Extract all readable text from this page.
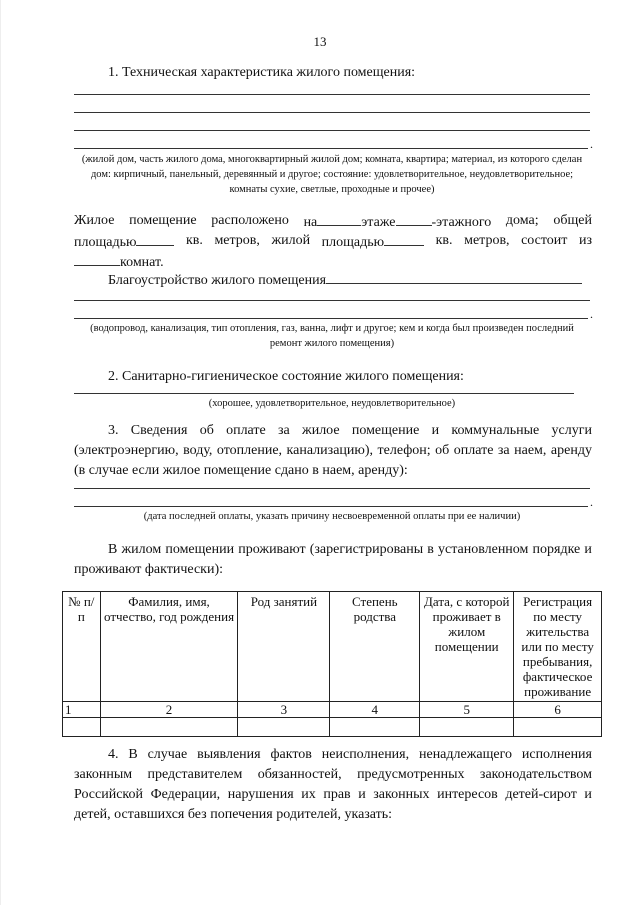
13
1. Техническая характеристика жилого помещения:
.
(жилой дом, часть жилого дома, многоквартирный жилой дом; комната, квартира; материал, из которого сделан
дом: кирпичный, панельный, деревянный и другое; состояние: удовлетворительное, неудовлетворительное;
комнаты сухие, светлые, проходные и прочее)
Жилое помещение расположено на	этаже	-этажного дома; общей
площадью	кв. метров, жилой площадью	кв. метров, состоит из
комнат.
Благоустройство жилого помещения
.
(водопровод, канализация, тип отопления, газ, ванна, лифт и другое; кем и когда был произведен последний
ремонт жилого помещения)
2. Санитарно-гигиеническое состояние жилого помещения:
(хорошее, удовлетворительное, неудовлетворительное)
3. Сведения об оплате за жилое помещение и коммунальные услуги
(электроэнергию, воду, отопление, канализацию), телефон; об оплате за наем, аренду
(в случае если жилое помещение сдано в наем, аренду):
.
(дата последней оплаты, указать причину несвоевременной оплаты при ее наличии)
В жилом помещении проживают (зарегистрированы в установленном порядке и
проживают фактически):
№ п/п	Фамилия, имя, отчество, год рождения	Род занятий	Степень родства	Дата, с которой проживает в жилом помещении	Регистрация по месту жительства или по месту пребывания, фактическое проживание
1	2	3	4	5	6

4. В случае выявления фактов неисполнения, ненадлежащего исполнения
законным представителем обязанностей, предусмотренных законодательством
Российской Федерации, нарушения их прав и законных интересов детей-сирот и
детей, оставшихся без попечения родителей, указать:
